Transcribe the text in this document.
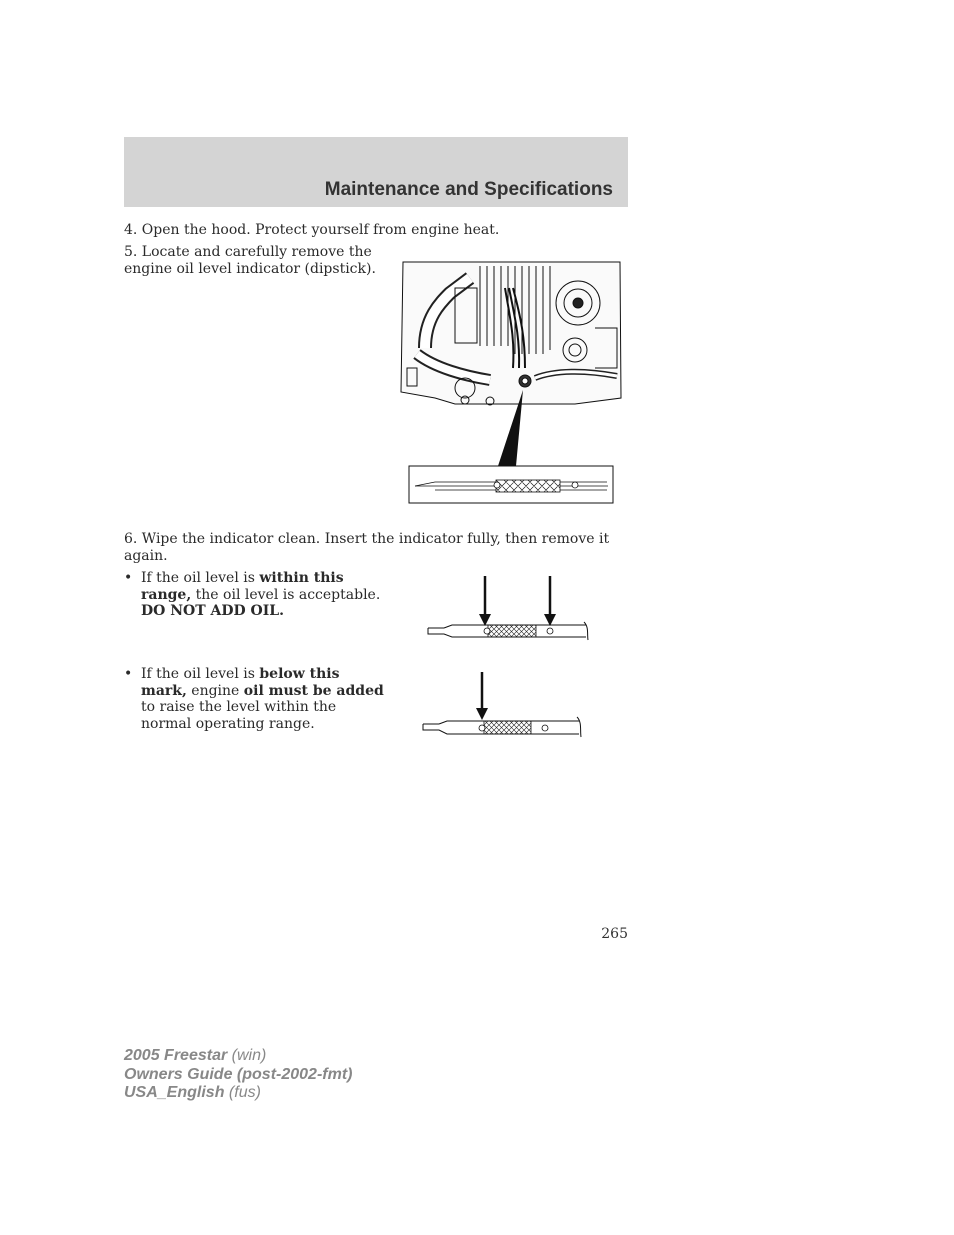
Maintenance and Specifications
4. Open the hood. Protect yourself from engine heat.
5. Locate and carefully remove the
engine oil level indicator (dipstick).
6. Wipe the indicator clean. Insert the indicator fully, then remove it
again.
• If the oil level is within this
range, the oil level is acceptable.
DO NOT ADD OIL.
• If the oil level is below this
mark, engine oil must be added
to raise the level within the
normal operating range.
265
2005 Freestar (win)
Owners Guide (post-2002-fmt)
USA_English (fus)
